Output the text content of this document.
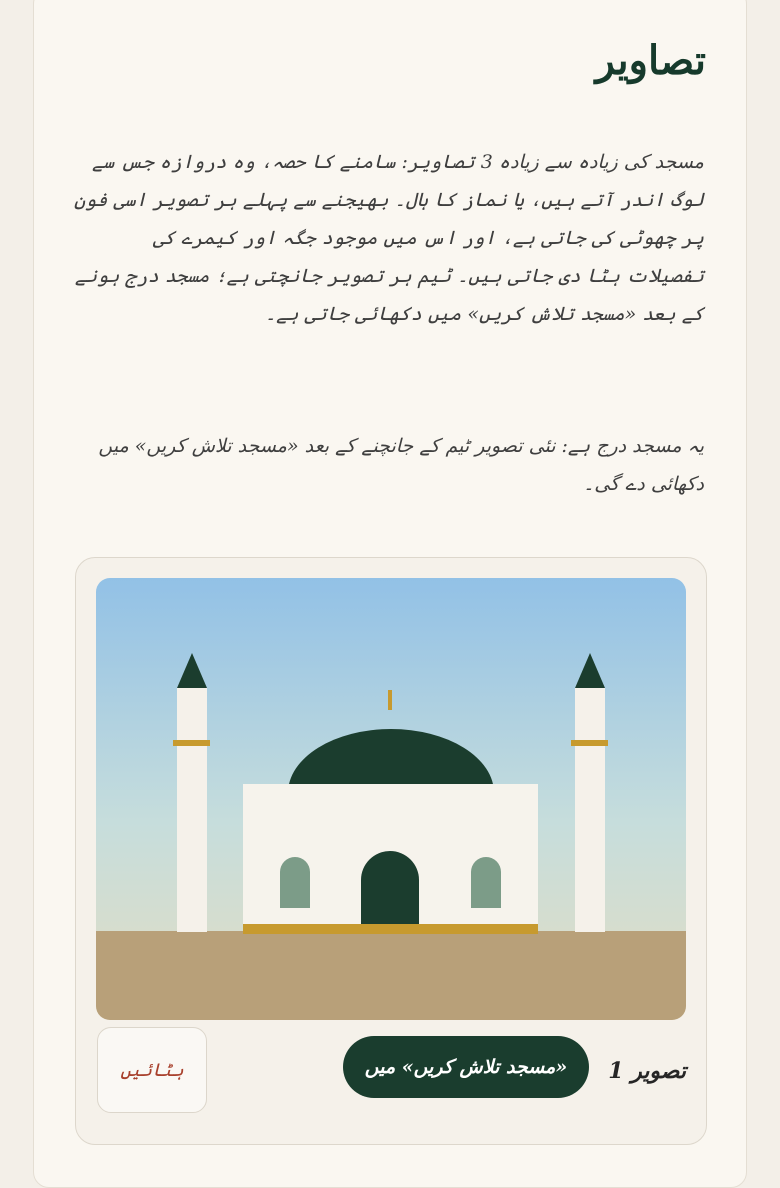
تصاویر

مسجد کی زیادہ سے زیادہ 3 تصاویر: سامنے کا حصہ، وہ دروازہ جس سے لوگ اندر آتے ہیں، یا نماز کا ہال۔ بھیجنے سے پہلے ہر تصویر اسی فون پر چھوٹی کی جاتی ہے، اور اس میں موجود جگہ اور کیمرے کی تفصیلات ہٹا دی جاتی ہیں۔ ٹیم ہر تصویر جانچتی ہے؛ مسجد درج ہونے کے بعد «مسجد تلاش کریں» میں دکھائی جاتی ہے۔

یہ مسجد درج ہے: نئی تصویر ٹیم کے جانچنے کے بعد «مسجد تلاش کریں» میں دکھائی دے گی۔

تصویر 1
«مسجد تلاش کریں» میں
ہٹائیں
